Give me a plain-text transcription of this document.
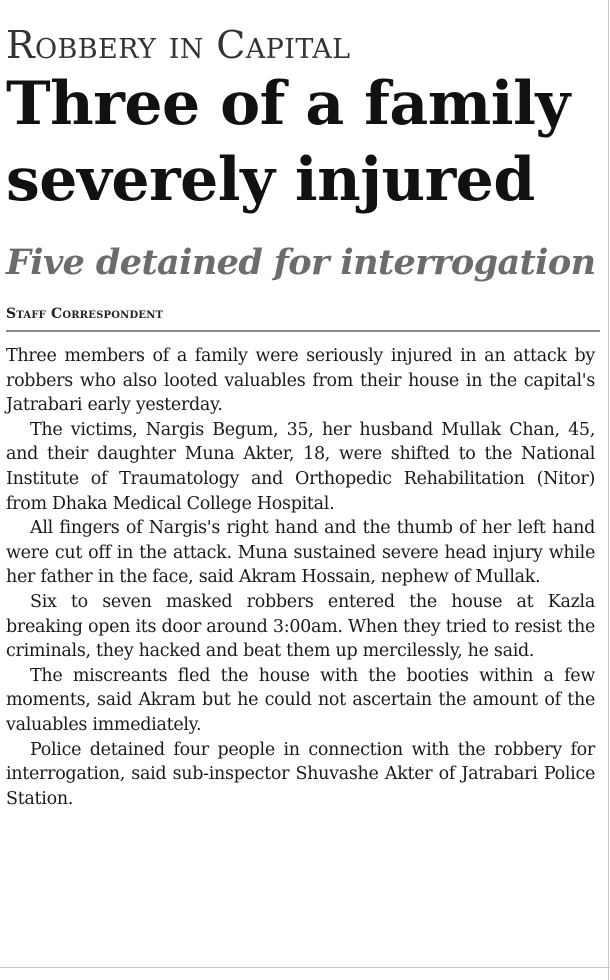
Robbery in Capital
Three of a family severely injured
Five detained for interrogation
Staff Correspondent

Three members of a family were seriously injured in an attack by robbers who also looted valuables from their house in the capital's Jatrabari early yesterday.

The victims, Nargis Begum, 35, her husband Mullak Chan, 45, and their daughter Muna Akter, 18, were shifted to the National Institute of Traumatology and Orthopedic Rehabilitation (Nitor) from Dhaka Medical College Hospital.

All fingers of Nargis's right hand and the thumb of her left hand were cut off in the attack. Muna sustained severe head injury while her father in the face, said Akram Hossain, nephew of Mullak.

Six to seven masked robbers entered the house at Kazla breaking open its door around 3:00am. When they tried to resist the criminals, they hacked and beat them up mercilessly, he said.

The miscreants fled the house with the booties within a few moments, said Akram but he could not ascertain the amount of the valuables immediately.

Police detained four people in connection with the robbery for interrogation, said sub-inspector Shuvashe Akter of Jatrabari Police Station.
